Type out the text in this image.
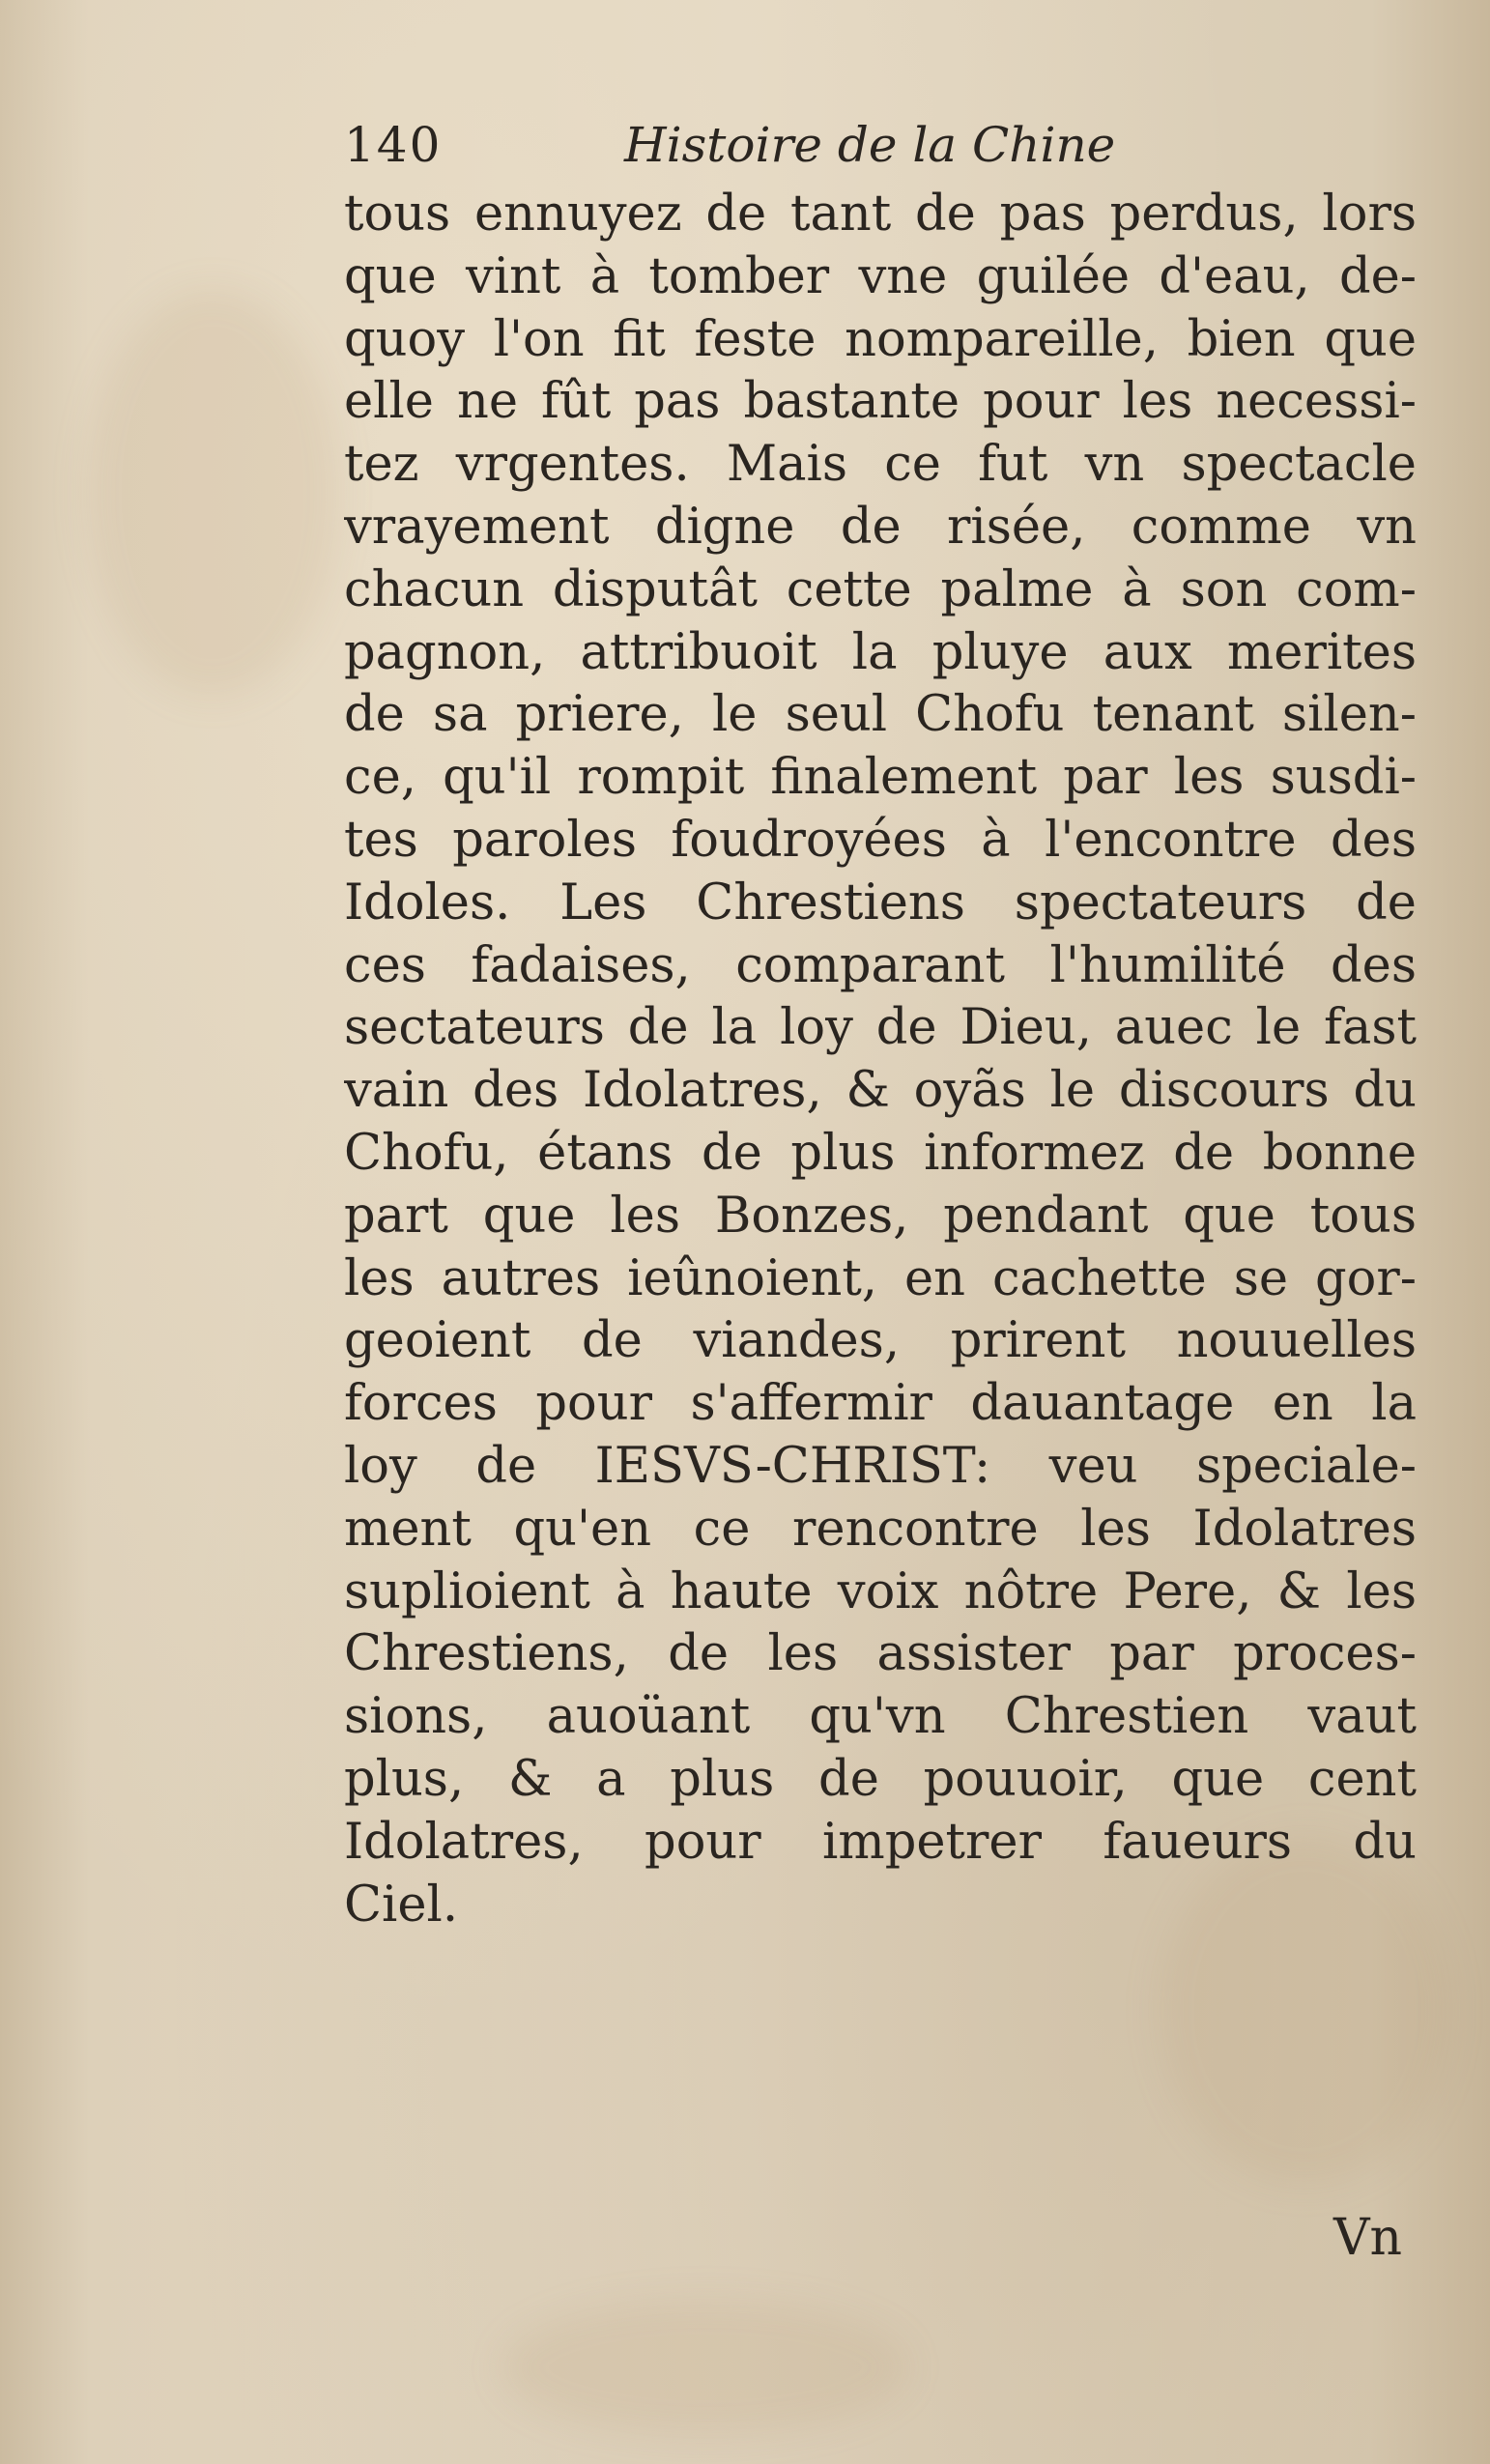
140	Histoire de la Chine
tous ennuyez de tant de pas perdus, lors
que vint à tomber vne guilée d'eau, de-
quoy l'on fit feste nompareille, bien que
elle ne fût pas bastante pour les necessi-
tez vrgentes. Mais ce fut vn spectacle
vrayement digne de risée, comme vn
chacun disputât cette palme à son com-
pagnon, attribuoit la pluye aux merites
de sa priere, le seul Chofu tenant silen-
ce, qu'il rompit finalement par les susdi-
tes paroles foudroyées à l'encontre des
Idoles. Les Chrestiens spectateurs de
ces fadaises, comparant l'humilité des
sectateurs de la loy de Dieu, auec le fast
vain des Idolatres, & oyãs le discours du
Chofu, étans de plus informez de bonne
part que les Bonzes, pendant que tous
les autres ieûnoient, en cachette se gor-
geoient de viandes, prirent nouuelles
forces pour s'affermir dauantage en la
loy de IESVS-CHRIST: veu speciale-
ment qu'en ce rencontre les Idolatres
suplioient à haute voix nôtre Pere, & les
Chrestiens, de les assister par proces-
sions, auoüant qu'vn Chrestien vaut
plus, & a plus de pouuoir, que cent
Idolatres, pour impetrer faueurs du
Ciel.
Vn
